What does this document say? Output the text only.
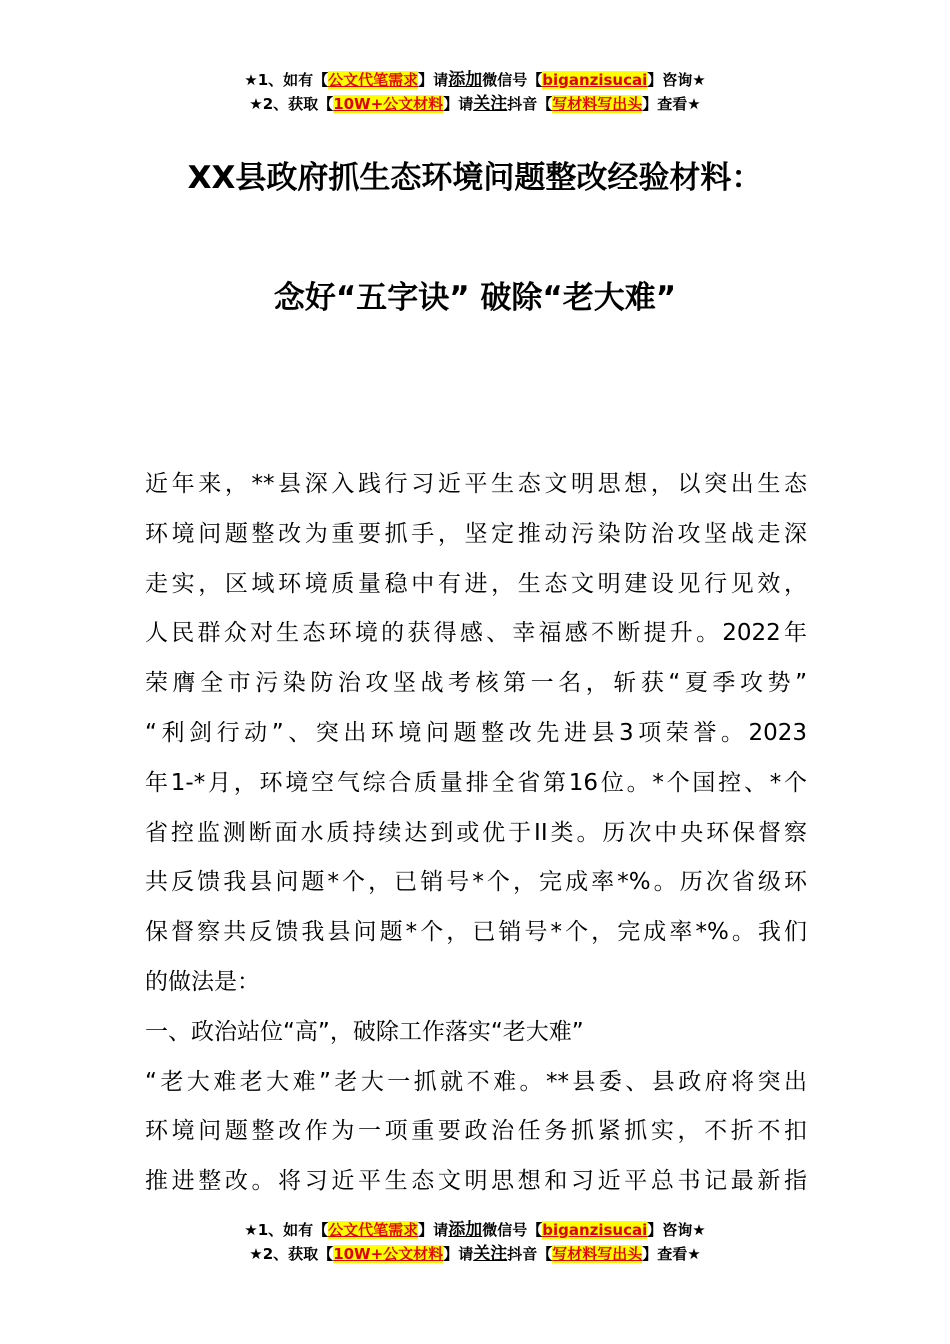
★1、如有【公文代笔需求】请添加微信号【biganzisucai】咨询★
★2、获取【10W+公文材料】请关注抖音【写材料写出头】查看★
XX县政府抓生态环境问题整改经验材料：
念好“五字诀” 破除“老大难”
近年来，**县深入践行习近平生态文明思想，以突出生态
环境问题整改为重要抓手，坚定推动污染防治攻坚战走深
走实，区域环境质量稳中有进，生态文明建设见行见效，
人民群众对生态环境的获得感、幸福感不断提升。2022年
荣膺全市污染防治攻坚战考核第一名，斩获“夏季攻势”
“利剑行动”、突出环境问题整改先进县3项荣誉。2023
年1-*月，环境空气综合质量排全省第16位。*个国控、*个
省控监测断面水质持续达到或优于II类。历次中央环保督察
共反馈我县问题*个，已销号*个，完成率*%。历次省级环
保督察共反馈我县问题*个，已销号*个，完成率*%。我们
的做法是：
一、政治站位“高”，破除工作落实“老大难”
“老大难老大难”老大一抓就不难。**县委、县政府将突出
环境问题整改作为一项重要政治任务抓紧抓实，不折不扣
推进整改。将习近平生态文明思想和习近平总书记最新指
★1、如有【公文代笔需求】请添加微信号【biganzisucai】咨询★
★2、获取【10W+公文材料】请关注抖音【写材料写出头】查看★
